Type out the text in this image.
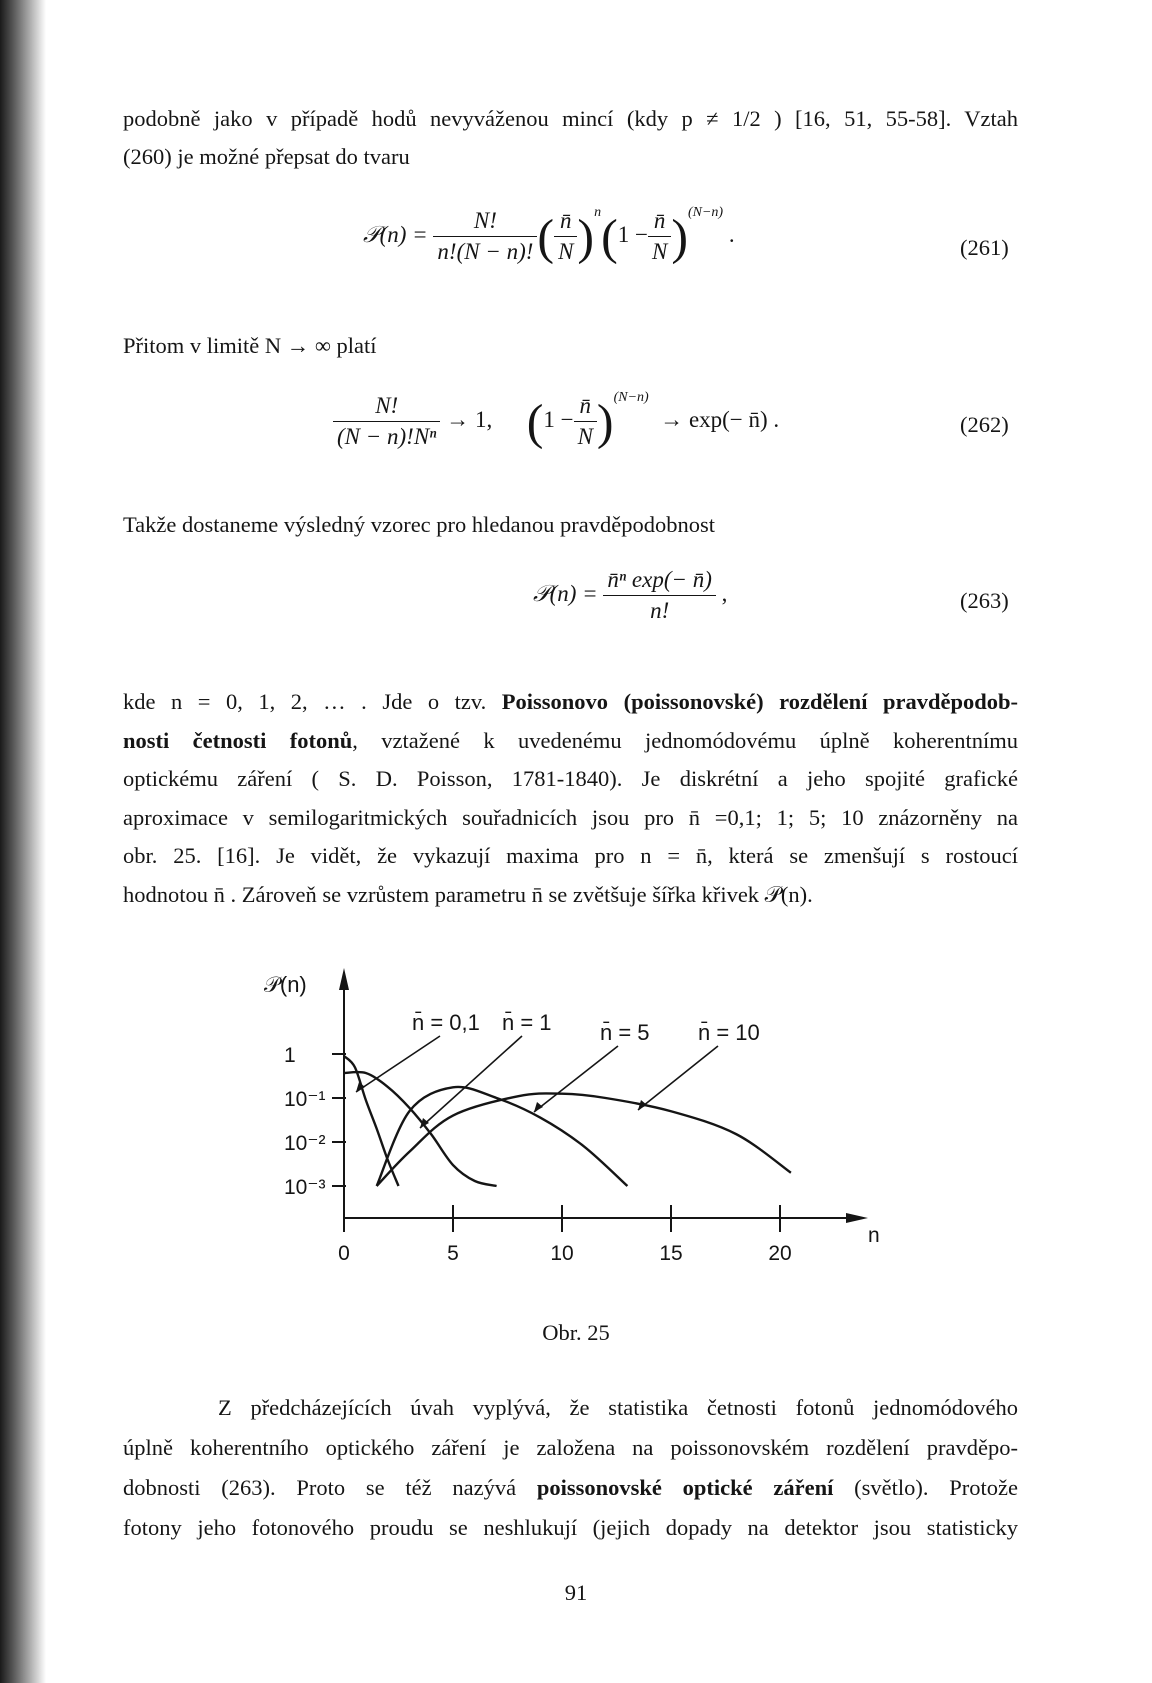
podobně jako v případě hodů nevyváženou mincí (kdy p ≠ 1/2 ) [16, 51, 55-58]. Vztah
(260) je možné přepsat do tvaru
𝒫(n) = $\frac{N!}{n!(N - n)!}$ ( $\frac{n̄}{N} )^n(1 - \frac{n̄}{N} )^{(N-n)}$ .
(261)
Přitom v limitě N → ∞ platí
$\frac{N!}{\text{(N − n)!Nⁿ}} \to 1$, $(1 - \frac{n̄}{N} )^{(N-n)} \to \exp(-$ n̄) .	(262)
Takže dostaneme výsledný vzorec pro hledanou pravděpodobnost
𝒫(n) = $\frac{\text{n̄ⁿ exp(− n̄)}}{n!}$ ,	(263)
kde n = 0, 1, 2, … . Jde o tzv. Poissonovo (poissonovské) rozdělení pravděpodob-
nosti četnosti fotonů, vztažené k uvedenému jednomódovému úplně koherentnímu
optickému záření ( S. D. Poisson, 1781-1840). Je diskrétní a jeho spojité grafické
aproximace v semilogaritmických souřadnicích jsou pro n̄ =0,1; 1; 5; 10 znázorněny na
obr. 25. [16]. Je vidět, že vykazují maxima pro n = n̄, která se zmenšují s rostoucí
hodnotou n̄ . Zároveň se vzrůstem parametru n̄ se zvětšuje šířka křivek 𝒫(n).
𝒫(n)
n
0	5	10	15	20
1
10⁻¹
10⁻²
10⁻³
n̄ = 0,1 n̄ = 1 n̄ = 5 n̄ = 10
Obr. 25
Z předcházejících úvah vyplývá, že statistika četnosti fotonů jednomódového
úplně koherentního optického záření je založena na poissonovském rozdělení pravděpo-
dobnosti (263). Proto se též nazývá poissonovské optické záření (světlo). Protože
fotony jeho fotonového proudu se neshlukují (jejich dopady na detektor jsou statisticky
91
